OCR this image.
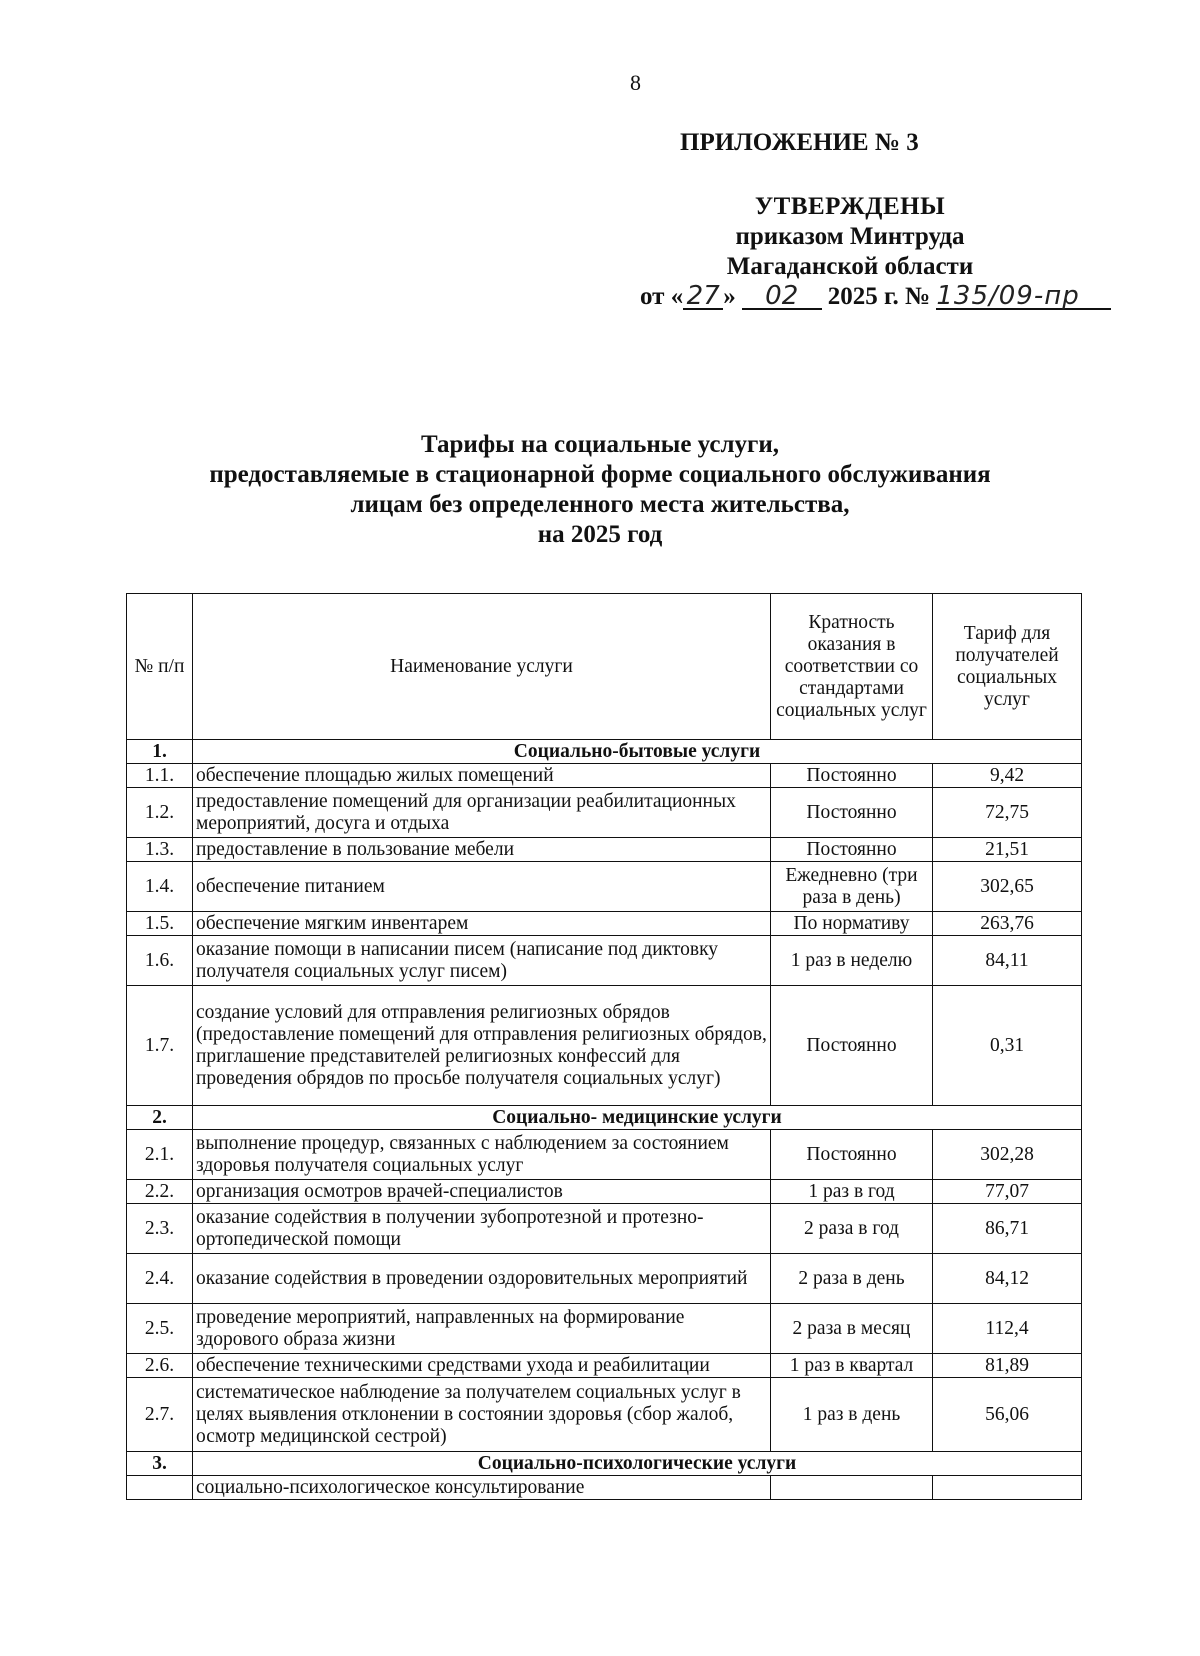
8
ПРИЛОЖЕНИЕ № 3
УТВЕРЖДЕНЫ
приказом Минтруда
Магаданской области
от « 27 » 02 2025 г. № 135/09-пр
Тарифы на социальные услуги,
предоставляемые в стационарной форме социального обслуживания
лицам без определенного места жительства,
на 2025 год
№ п/п	Наименование услуги	Кратность оказания в соответствии со стандартами социальных услуг	Тариф для получателей социальных услуг
1.	Социально-бытовые услуги		
1.1.	обеспечение площадью жилых помещений	Постоянно	9,42
1.2.	предоставление помещений для организации реабилитационных мероприятий, досуга и отдыха	Постоянно	72,75
1.3.	предоставление в пользование мебели	Постоянно	21,51
1.4.	обеспечение питанием	Ежедневно (три раза в день)	302,65
1.5.	обеспечение мягким инвентарем	По нормативу	263,76
1.6.	оказание помощи в написании писем (написание под диктовку получателя социальных услуг писем)	1 раз в неделю	84,11
1.7.	создание условий для отправления религиозных обрядов (предоставление помещений для отправления религиозных обрядов, приглашение представителей религиозных конфессий для проведения обрядов по просьбе получателя социальных услуг)	Постоянно	0,31
2.	Социально- медицинские услуги		
2.1.	выполнение процедур, связанных с наблюдением за состоянием здоровья получателя социальных услуг	Постоянно	302,28
2.2.	организация осмотров врачей-специалистов	1 раз в год	77,07
2.3.	оказание содействия в получении зубопротезной и протезно-ортопедической помощи	2 раза в год	86,71
2.4.	оказание содействия в проведении оздоровительных мероприятий	2 раза в день	84,12
2.5.	проведение мероприятий, направленных на формирование здорового образа жизни	2 раза в месяц	112,4
2.6.	обеспечение техническими средствами ухода и реабилитации	1 раз в квартал	81,89
2.7.	систематическое наблюдение за получателем социальных услуг в целях выявления отклонении в состоянии здоровья (сбор жалоб, осмотр медицинской сестрой)	1 раз в день	56,06
3.	Социально-психологические услуги		
	социально-психологическое консультирование		
